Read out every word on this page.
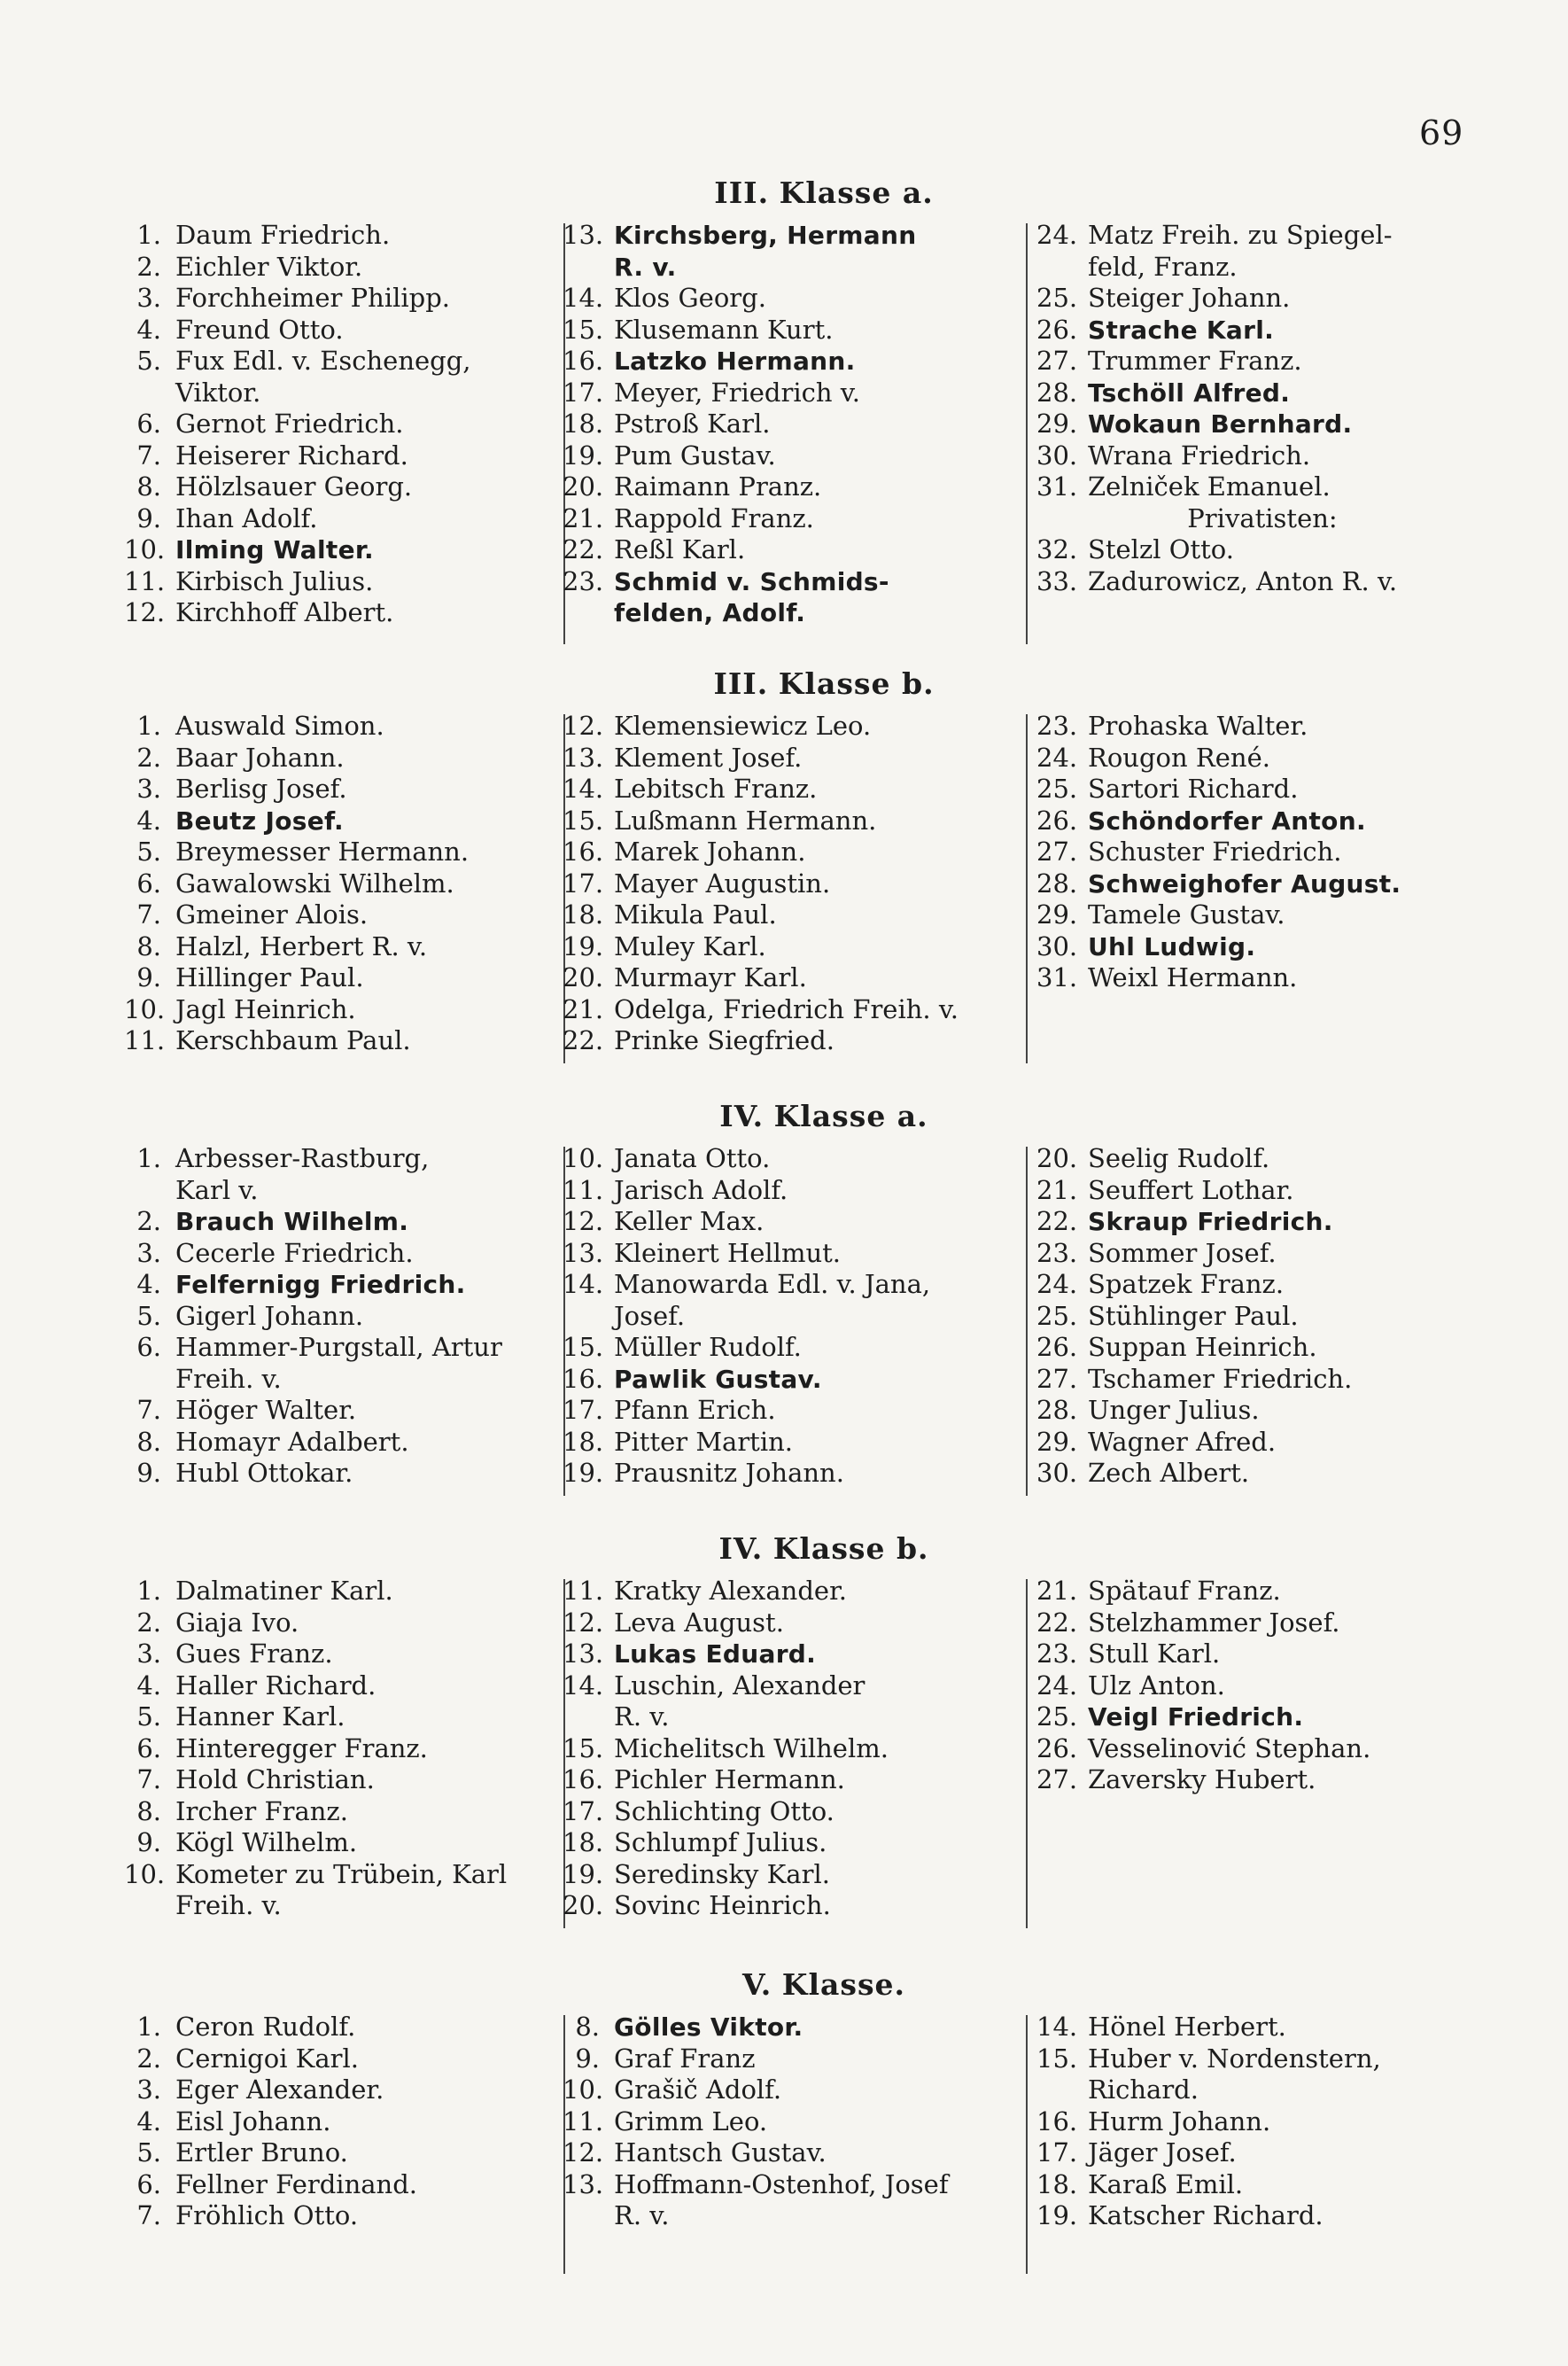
69
III. Klasse a.
1. Daum Friedrich.
2. Eichler Viktor.
3. Forchheimer Philipp.
4. Freund Otto.
5. Fux Edl. v. Eschenegg,
Viktor.
6. Gernot Friedrich.
7. Heiserer Richard.
8. Hölzlsauer Georg.
9. Ihan Adolf.
10. Ilming Walter.
11. Kirbisch Julius.
12. Kirchhoff Albert.
13. Kirchsberg, Hermann
R. v.
14. Klos Georg.
15. Klusemann Kurt.
16. Latzko Hermann.
17. Meyer, Friedrich v.
18. Pstroß Karl.
19. Pum Gustav.
20. Raimann Pranz.
21. Rappold Franz.
22. Reßl Karl.
23. Schmid v. Schmids-
felden, Adolf.
24. Matz Freih. zu Spiegel-
feld, Franz.
25. Steiger Johann.
26. Strache Karl.
27. Trummer Franz.
28. Tschöll Alfred.
29. Wokaun Bernhard.
30. Wrana Friedrich.
31. Zelniček Emanuel.
Privatisten:
32. Stelzl Otto.
33. Zadurowicz, Anton R. v.
III. Klasse b.
1. Auswald Simon.
2. Baar Johann.
3. Berlisg Josef.
4. Beutz Josef.
5. Breymesser Hermann.
6. Gawalowski Wilhelm.
7. Gmeiner Alois.
8. Halzl, Herbert R. v.
9. Hillinger Paul.
10. Jagl Heinrich.
11. Kerschbaum Paul.
12. Klemensiewicz Leo.
13. Klement Josef.
14. Lebitsch Franz.
15. Lußmann Hermann.
16. Marek Johann.
17. Mayer Augustin.
18. Mikula Paul.
19. Muley Karl.
20. Murmayr Karl.
21. Odelga, Friedrich Freih. v.
22. Prinke Siegfried.
23. Prohaska Walter.
24. Rougon René.
25. Sartori Richard.
26. Schöndorfer Anton.
27. Schuster Friedrich.
28. Schweighofer August.
29. Tamele Gustav.
30. Uhl Ludwig.
31. Weixl Hermann.
IV. Klasse a.
1. Arbesser-Rastburg,
Karl v.
2. Brauch Wilhelm.
3. Cecerle Friedrich.
4. Felfernigg Friedrich.
5. Gigerl Johann.
6. Hammer-Purgstall, Artur
Freih. v.
7. Höger Walter.
8. Homayr Adalbert.
9. Hubl Ottokar.
10. Janata Otto.
11. Jarisch Adolf.
12. Keller Max.
13. Kleinert Hellmut.
14. Manowarda Edl. v. Jana,
Josef.
15. Müller Rudolf.
16. Pawlik Gustav.
17. Pfann Erich.
18. Pitter Martin.
19. Prausnitz Johann.
20. Seelig Rudolf.
21. Seuffert Lothar.
22. Skraup Friedrich.
23. Sommer Josef.
24. Spatzek Franz.
25. Stühlinger Paul.
26. Suppan Heinrich.
27. Tschamer Friedrich.
28. Unger Julius.
29. Wagner Afred.
30. Zech Albert.
IV. Klasse b.
1. Dalmatiner Karl.
2. Giaja Ivo.
3. Gues Franz.
4. Haller Richard.
5. Hanner Karl.
6. Hinteregger Franz.
7. Hold Christian.
8. Ircher Franz.
9. Kögl Wilhelm.
10. Kometer zu Trübein, Karl
Freih. v.
11. Kratky Alexander.
12. Leva August.
13. Lukas Eduard.
14. Luschin, Alexander
R. v.
15. Michelitsch Wilhelm.
16. Pichler Hermann.
17. Schlichting Otto.
18. Schlumpf Julius.
19. Seredinsky Karl.
20. Sovinc Heinrich.
21. Spätauf Franz.
22. Stelzhammer Josef.
23. Stull Karl.
24. Ulz Anton.
25. Veigl Friedrich.
26. Vesselinović Stephan.
27. Zaversky Hubert.
V. Klasse.
1. Ceron Rudolf.
2. Cernigoi Karl.
3. Eger Alexander.
4. Eisl Johann.
5. Ertler Bruno.
6. Fellner Ferdinand.
7. Fröhlich Otto.
8. Gölles Viktor.
9. Graf Franz
10. Grašič Adolf.
11. Grimm Leo.
12. Hantsch Gustav.
13. Hoffmann-Ostenhof, Josef
R. v.
14. Hönel Herbert.
15. Huber v. Nordenstern,
Richard.
16. Hurm Johann.
17. Jäger Josef.
18. Karaß Emil.
19. Katscher Richard.
